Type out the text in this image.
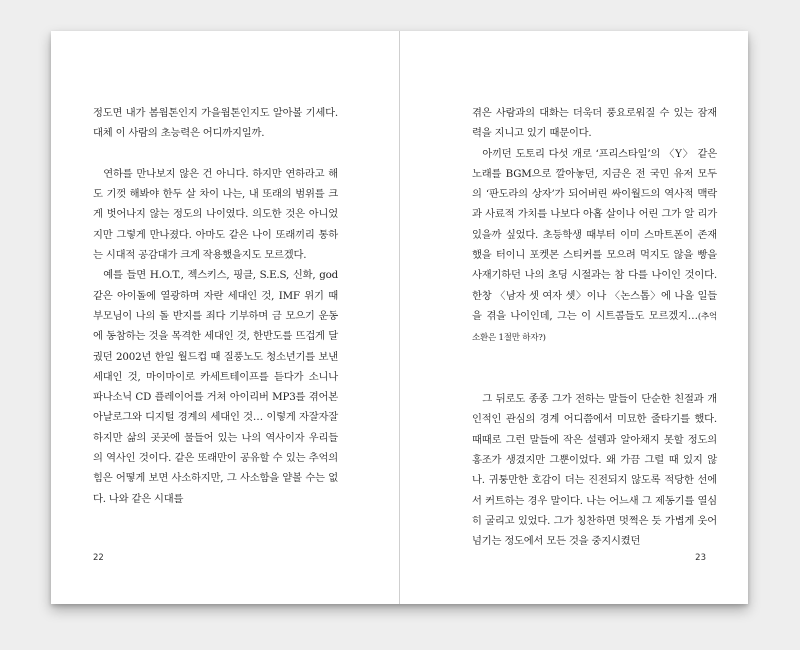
정도면 내가 봄웜톤인지 가을웜톤인지도 알아볼 기세다. 대체 이 사람의 초능력은 어디까지일까.

연하를 만나보지 않은 건 아니다. 하지만 연하라고 해도 기껏 해봐야 한두 살 차이 나는, 내 또래의 범위를 크게 벗어나지 않는 정도의 나이였다. 의도한 것은 아니었지만 그렇게 만나졌다. 아마도 같은 나이 또래끼리 통하는 시대적 공감대가 크게 작용했을지도 모르겠다.

예를 들면 H.O.T., 젝스키스, 핑클, S.E.S, 신화, god 같은 아이돌에 열광하며 자란 세대인 것, IMF 위기 때 부모님이 나의 돌 반지를 죄다 기부하며 금 모으기 운동에 동참하는 것을 목격한 세대인 것, 한반도를 뜨겁게 달궜던 2002년 한일 월드컵 때 질풍노도 청소년기를 보낸 세대인 것, 마이마이로 카세트테이프를 듣다가 소니나 파나소닉 CD 플레이어를 거쳐 아이리버 MP3를 겪어본 아날로그와 디지털 경계의 세대인 것… 이렇게 자잘자잘하지만 삶의 곳곳에 물들어 있는 나의 역사이자 우리들의 역사인 것이다. 같은 또래만이 공유할 수 있는 추억의 힘은 어떻게 보면 사소하지만, 그 사소함을 얕볼 수는 없다. 나와 같은 시대를

22

겪은 사람과의 대화는 더욱더 풍요로워질 수 있는 잠재력을 지니고 있기 때문이다.

아끼던 도토리 다섯 개로 ‘프리스타일’의 〈Y〉 같은 노래를 BGM으로 깔아놓던, 지금은 전 국민 유저 모두의 ‘판도라의 상자’가 되어버린 싸이월드의 역사적 맥락과 사료적 가치를 나보다 아홉 살이나 어린 그가 알 리가 있을까 싶었다. 초등학생 때부터 이미 스마트폰이 존재했을 터이니 포켓몬 스티커를 모으려 먹지도 않을 빵을 사재기하던 나의 초딩 시절과는 참 다를 나이인 것이다. 한창 〈남자 셋 여자 셋〉이나 〈논스톱〉에 나올 일들을 겪을 나이인데, 그는 이 시트콤들도 모르겠지…(추억 소환은 1절만 하자?)

그 뒤로도 종종 그가 전하는 말들이 단순한 친절과 개인적인 관심의 경계 어디쯤에서 미묘한 줄타기를 했다. 때때로 그런 말들에 작은 설렘과 알아채지 못할 정도의 홍조가 생겼지만 그뿐이었다. 왜 가끔 그럴 때 있지 않나. 귀퉁만한 호감이 더는 진전되지 않도록 적당한 선에서 커트하는 경우 말이다. 나는 어느새 그 제동기를 열심히 굴리고 있었다. 그가 칭찬하면 멋쩍은 듯 가볍게 웃어넘기는 정도에서 모든 것을 중지시켰던

23
